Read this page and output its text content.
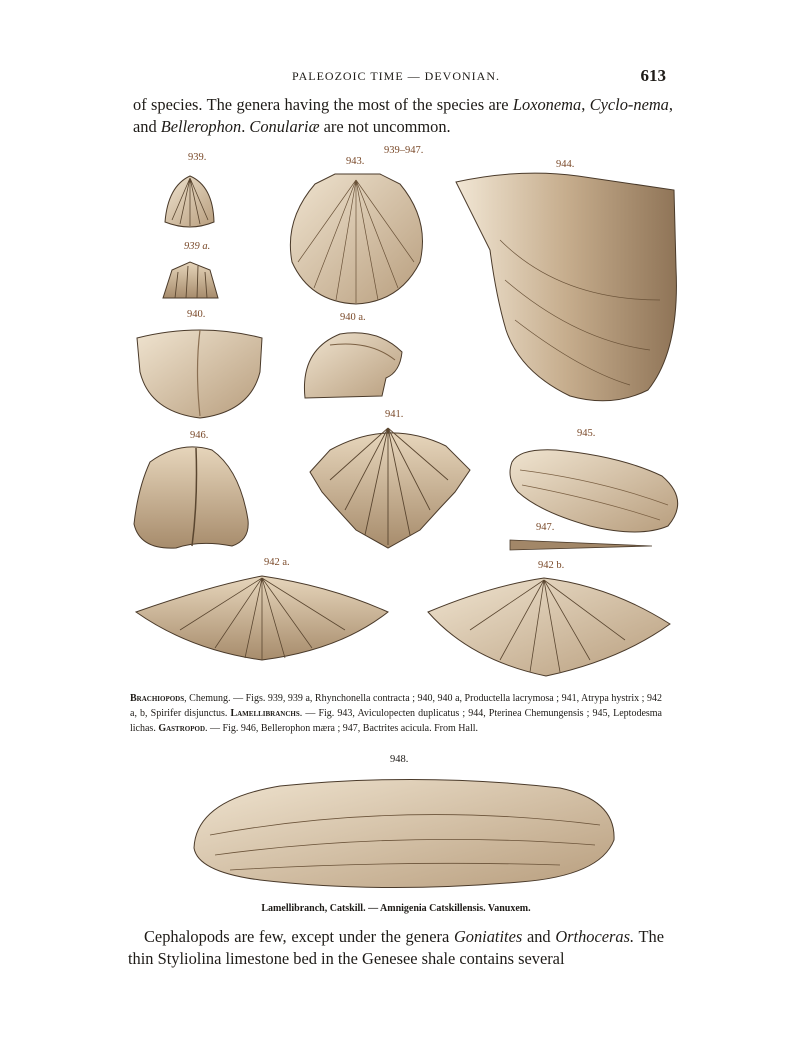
PALEOZOIC TIME — DEVONIAN.	613
of species. The genera having the most of the species are Loxonema, Cyclo-nema, and Bellerophon. Conulariæ are not uncommon.
939–947.
939.	943.	944.
939 a.
940.	940 a.
941.
946.	945.
947.
942 a.	942 b.
948.
Brachiopods, Chemung. — Figs. 939, 939 a, Rhynchonella contracta ; 940, 940 a, Productella lacrymosa ; 941, Atrypa hystrix ; 942 a, b, Spirifer disjunctus. Lamellibranchs. — Fig. 943, Aviculopecten duplicatus ; 944, Pterinea Chemungensis ; 945, Leptodesma lichas. Gastropod. — Fig. 946, Bellerophon mæra ; 947, Bactrites acicula. From Hall.
Lamellibranch, Catskill. — Amnigenia Catskillensis. Vanuxem.
Cephalopods are few, except under the genera Goniatites and Orthoceras. The thin Styliolina limestone bed in the Genesee shale contains several
